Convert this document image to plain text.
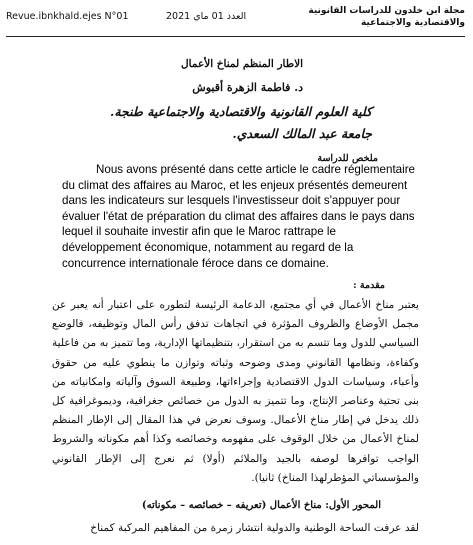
Revue.ibnkhald.ejes N°01	العدد 01 ماي 2021	مجلة ابن خلدون للدراسات القانونية
والاقتصادية والاجتماعية
الاطار المنظم لمناخ الأعمال
د. فاطمة الزهرة أقبوش
كلية العلوم القانونية والاقتصادية والاجتماعية طنجة.
جامعة عبد المالك السعدي.
ملخص للدراسة
Nous avons présenté dans cette article le cadre réglementaire du climat des affaires au Maroc, et les enjeux présentés demeurent dans les indicateurs sur lesquels l'investisseur doit s'appuyer pour évaluer l'état de préparation du climat des affaires dans le pays dans lequel il souhaite investir afin que le Maroc rattrape le développement économique, notamment au regard de la concurrence internationale féroce dans ce domaine.
مقدمة :
يعتبر مناخ الأعمال في أي مجتمع، الدعامة الرئيسة لتطوره على اعتبار أنه يعبر عن مجمل الأوضاع والظروف المؤثرة في اتجاهات تدفق رأس المال وتوظيفه، فالوضع السياسي للدول وما تتسم به من استقرار، بتنظيماتها الإدارية، وما تتميز به من فاعلية وكفاءة، ونظامها القانوني ومدى وضوحه وثباته وتوازن ما ينطوي عليه من حقوق وأعباء، وسياسات الدول الاقتصادية وإجراءاتها، وطبيعة السوق وآلياته وامكانياته من بنى تحتية وعناصر الإنتاج، وما تتميز به الدول من خصائص جغرافية، وديموغرافية كل ذلك يدخل في إطار مناخ الأعمال. وسوف نعرض في هذا المقال إلى الإطار المنظم لمناخ الأعمال من خلال الوقوف على مفهومه وخصائصه وكذا أهم مكوناته والشروط الواجب توافرها لوصفه بالجيد والملائم (أولا) ثم نعرج إلى الإطار القانوني والمؤسساتي المؤطرلهذا المناخ) ثانيا).
المحور الأول: مناخ الأعمال (تعريفه – خصائصه – مكوناته)
لقد عرفت الساحة الوطنية والدولية انتشار زمرة من المفاهيم المركبة كمناخ
